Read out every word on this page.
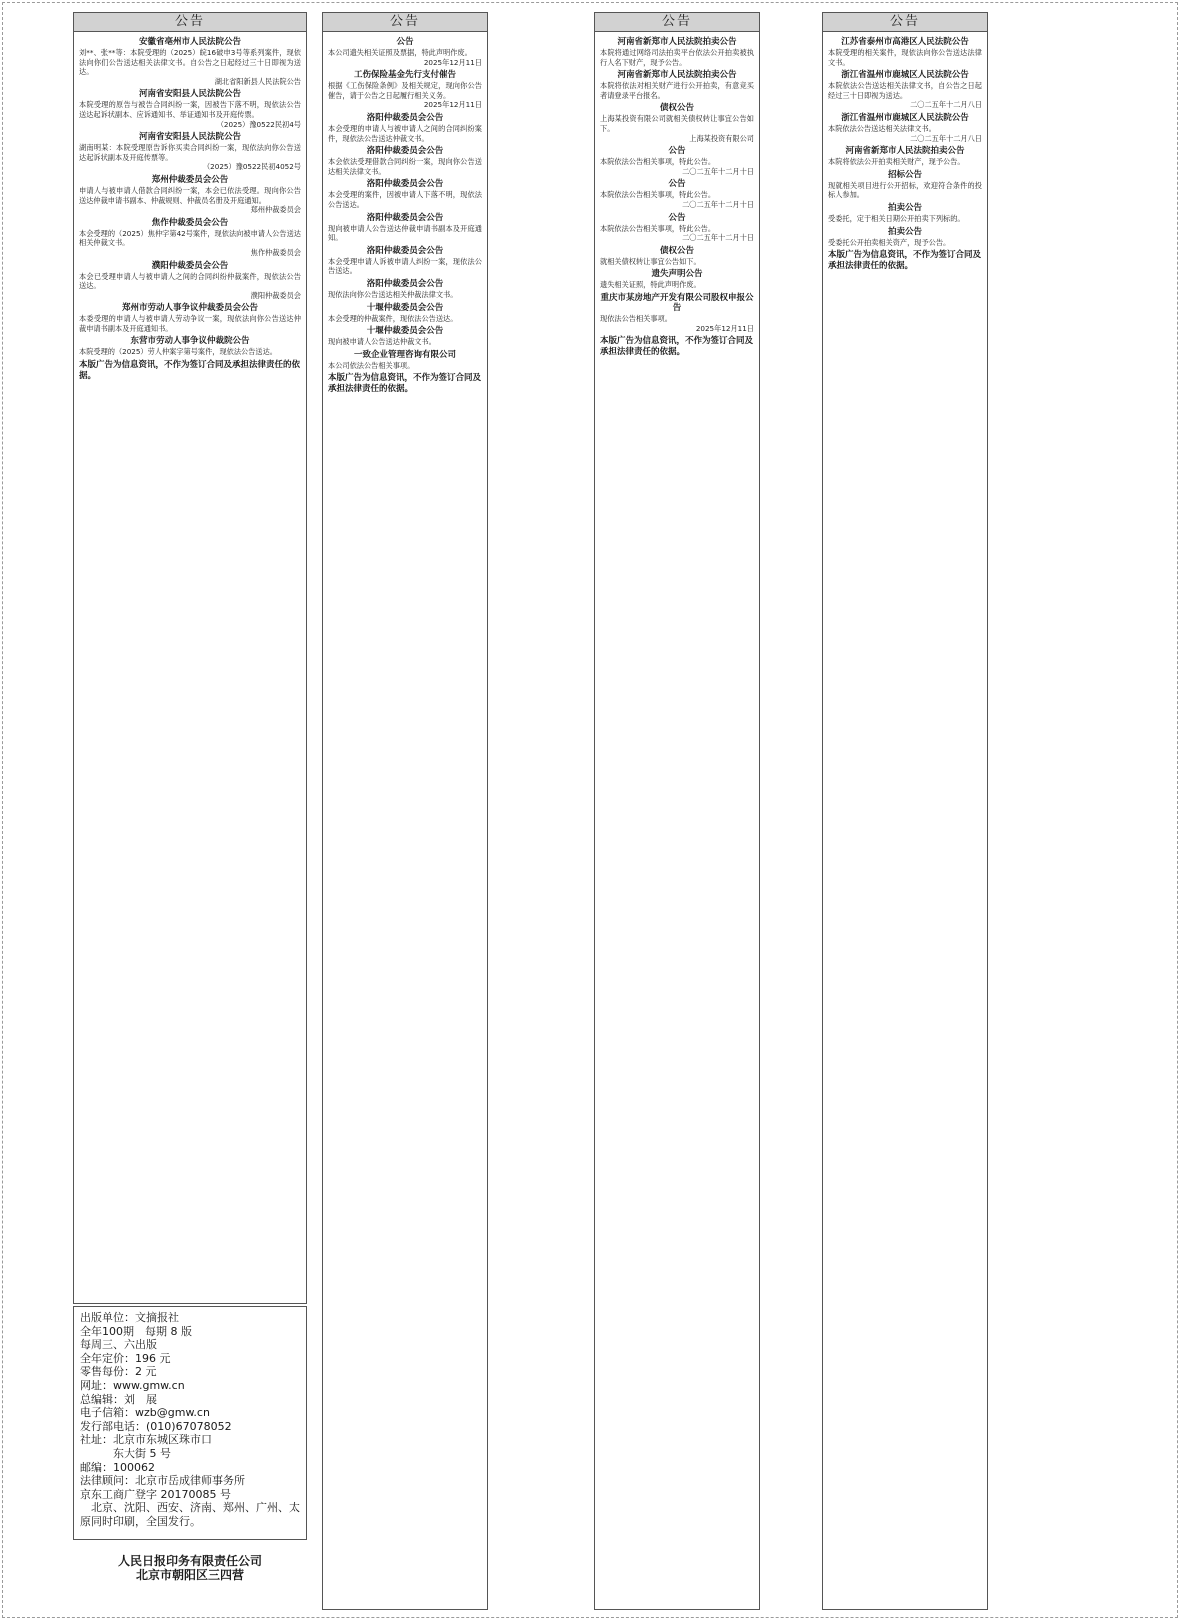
公告
安徽省亳州市人民法院公告
刘**、张**等：本院受理的（2025）皖16破申3号等系列案件，现依法向你们公告送达相关法律文书。自公告之日起经过三十日即视为送达。
湖北省阳新县人民法院公告
河南省安阳县人民法院公告
本院受理的原告与被告合同纠纷一案，因被告下落不明，现依法公告送达起诉状副本、应诉通知书、举证通知书及开庭传票。
（2025）豫0522民初4号
河南省安阳县人民法院公告
湖南明某：本院受理原告诉你买卖合同纠纷一案，现依法向你公告送达起诉状副本及开庭传票等。
（2025）豫0522民初4052号
郑州仲裁委员会公告
申请人与被申请人借款合同纠纷一案，本会已依法受理。现向你公告送达仲裁申请书副本、仲裁规则、仲裁员名册及开庭通知。
郑州仲裁委员会
焦作仲裁委员会公告
本会受理的（2025）焦仲字第42号案件，现依法向被申请人公告送达相关仲裁文书。
焦作仲裁委员会
濮阳仲裁委员会公告
本会已受理申请人与被申请人之间的合同纠纷仲裁案件，现依法公告送达。
濮阳仲裁委员会
郑州市劳动人事争议仲裁委员会公告
本委受理的申请人与被申请人劳动争议一案，现依法向你公告送达仲裁申请书副本及开庭通知书。
东营市劳动人事争议仲裁院公告
本院受理的（2025）劳人仲案字第号案件，现依法公告送达。
本版广告为信息资讯，不作为签订合同及承担法律责任的依据。
公告
公告
本公司遗失相关证照及票据，特此声明作废。
2025年12月11日
工伤保险基金先行支付催告
根据《工伤保险条例》及相关规定，现向你公告催告，请于公告之日起履行相关义务。
2025年12月11日
洛阳仲裁委员会公告
本会受理的申请人与被申请人之间的合同纠纷案件，现依法公告送达仲裁文书。
洛阳仲裁委员会公告
本会依法受理借款合同纠纷一案，现向你公告送达相关法律文书。
洛阳仲裁委员会公告
本会受理的案件，因被申请人下落不明，现依法公告送达。
洛阳仲裁委员会公告
现向被申请人公告送达仲裁申请书副本及开庭通知。
洛阳仲裁委员会公告
本会受理申请人诉被申请人纠纷一案，现依法公告送达。
洛阳仲裁委员会公告
现依法向你公告送达相关仲裁法律文书。
十堰仲裁委员会公告
本会受理的仲裁案件，现依法公告送达。
十堰仲裁委员会公告
现向被申请人公告送达仲裁文书。
一致企业管理咨询有限公司
本公司依法公告相关事项。
本版广告为信息资讯，不作为签订合同及承担法律责任的依据。
公告
河南省新郑市人民法院拍卖公告
本院将通过网络司法拍卖平台依法公开拍卖被执行人名下财产，现予公告。
河南省新郑市人民法院拍卖公告
本院将依法对相关财产进行公开拍卖，有意竞买者请登录平台报名。
债权公告
上海某投资有限公司就相关债权转让事宜公告如下。
上海某投资有限公司
公告
本院依法公告相关事项，特此公告。
二〇二五年十二月十日
公告
本院依法公告相关事项，特此公告。
二〇二五年十二月十日
公告
本院依法公告相关事项，特此公告。
二〇二五年十二月十日
债权公告
就相关债权转让事宜公告如下。
遗失声明公告
遗失相关证照，特此声明作废。
重庆市某房地产开发有限公司股权申报公告
现依法公告相关事项。
2025年12月11日
本版广告为信息资讯，不作为签订合同及承担法律责任的依据。
公告
江苏省泰州市高港区人民法院公告
本院受理的相关案件，现依法向你公告送达法律文书。
浙江省温州市鹿城区人民法院公告
本院依法公告送达相关法律文书，自公告之日起经过三十日即视为送达。
二〇二五年十二月八日
浙江省温州市鹿城区人民法院公告
本院依法公告送达相关法律文书。
二〇二五年十二月八日
河南省新郑市人民法院拍卖公告
本院将依法公开拍卖相关财产，现予公告。
招标公告
现就相关项目进行公开招标，欢迎符合条件的投标人参加。
拍卖公告
受委托，定于相关日期公开拍卖下列标的。
拍卖公告
受委托公开拍卖相关资产，现予公告。
本版广告为信息资讯，不作为签订合同及承担法律责任的依据。
出版单位：文摘报社
全年100期　每期 8 版
每周三、六出版
全年定价：196 元
零售每份：2 元
网址：www.gmw.cn
总编辑：刘　展
电子信箱：wzb@gmw.cn
发行部电话：(010)67078052
社址：北京市东城区珠市口
　　　东大街 5 号
邮编：100062
法律顾问：北京市岳成律师事务所
京东工商广登字 20170085 号
　北京、沈阳、西安、济南、郑州、广州、太原同时印刷，全国发行。
人民日报印务有限责任公司
北京市朝阳区三四营
